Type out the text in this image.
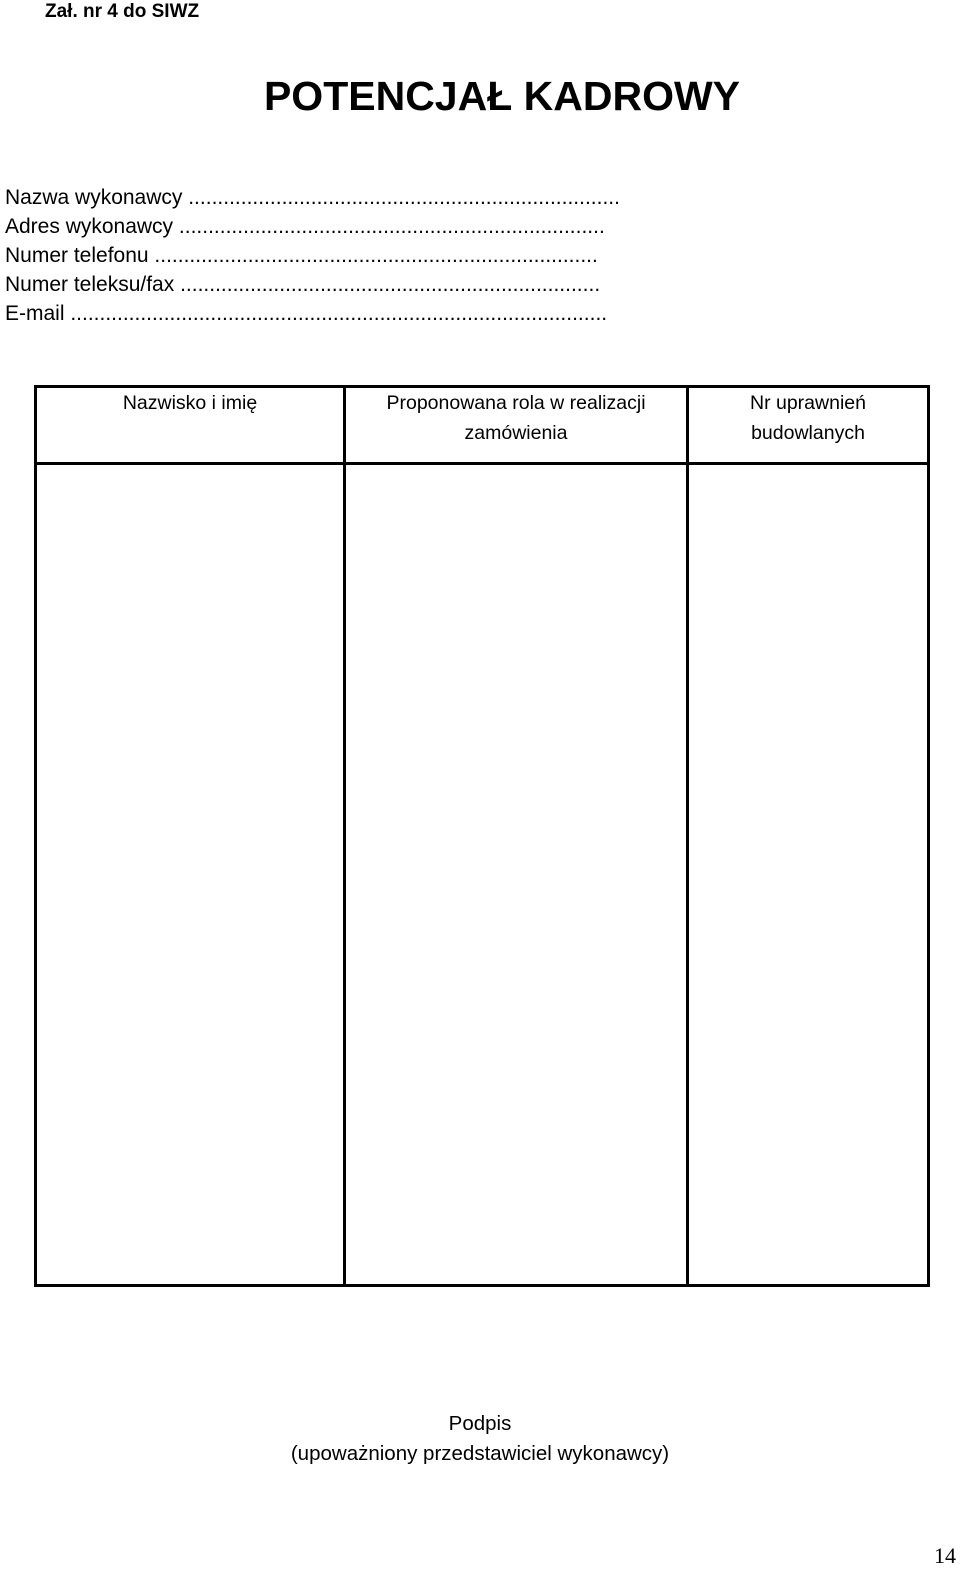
Zał. nr 4 do SIWZ
POTENCJAŁ KADROWY
Nazwa wykonawcy ..........................................................................
Adres wykonawcy .........................................................................
Numer telefonu ............................................................................
Numer teleksu/fax ........................................................................
E-mail ............................................................................................
Nazwisko i imię	Proponowana rola w realizacji zamówienia	Nr uprawnień budowlanych

Podpis
(upoważniony przedstawiciel wykonawcy)
14
